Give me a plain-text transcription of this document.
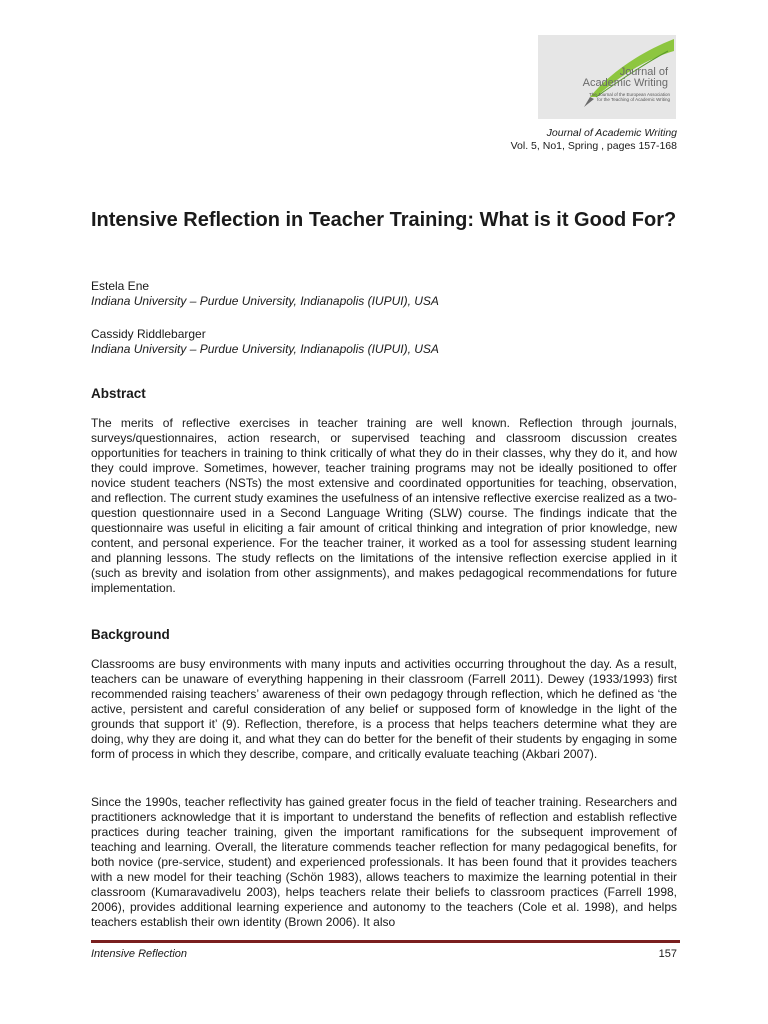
Journal of
Academic Writing
The Journal of the European Association
for the Teaching of Academic Writing
Journal of Academic Writing
Vol. 5, No1, Spring , pages 157-168
Intensive Reflection in Teacher Training: What is it Good For?
Estela Ene
Indiana University – Purdue University, Indianapolis (IUPUI), USA
Cassidy Riddlebarger
Indiana University – Purdue University, Indianapolis (IUPUI), USA
Abstract

The merits of reflective exercises in teacher training are well known. Reflection through journals, surveys/questionnaires, action research, or supervised teaching and classroom discussion creates opportunities for teachers in training to think critically of what they do in their classes, why they do it, and how they could improve. Sometimes, however, teacher training programs may not be ideally positioned to offer novice student teachers (NSTs) the most extensive and coordinated opportunities for teaching, observation, and reflection. The current study examines the usefulness of an intensive reflective exercise realized as a two-question questionnaire used in a Second Language Writing (SLW) course. The findings indicate that the questionnaire was useful in eliciting a fair amount of critical thinking and integration of prior knowledge, new content, and personal experience. For the teacher trainer, it worked as a tool for assessing student learning and planning lessons. The study reflects on the limitations of the intensive reflection exercise applied in it (such as brevity and isolation from other assignments), and makes pedagogical recommendations for future implementation.

Background

Classrooms are busy environments with many inputs and activities occurring throughout the day. As a result, teachers can be unaware of everything happening in their classroom (Farrell 2011). Dewey (1933/1993) first recommended raising teachers’ awareness of their own pedagogy through reflection, which he defined as ‘the active, persistent and careful consideration of any belief or supposed form of knowledge in the light of the grounds that support it’ (9). Reflection, therefore, is a process that helps teachers determine what they are doing, why they are doing it, and what they can do better for the benefit of their students by engaging in some form of process in which they describe, compare, and critically evaluate teaching (Akbari 2007).

Since the 1990s, teacher reflectivity has gained greater focus in the field of teacher training. Researchers and practitioners acknowledge that it is important to understand the benefits of reflection and establish reflective practices during teacher training, given the important ramifications for the subsequent improvement of teaching and learning. Overall, the literature commends teacher reflection for many pedagogical benefits, for both novice (pre-service, student) and experienced professionals. It has been found that it provides teachers with a new model for their teaching (Schön 1983), allows teachers to maximize the learning potential in their classroom (Kumaravadivelu 2003), helps teachers relate their beliefs to classroom practices (Farrell 1998, 2006), provides additional learning experience and autonomy to the teachers (Cole et al. 1998), and helps teachers establish their own identity (Brown 2006). It also

Intensive Reflection	157
